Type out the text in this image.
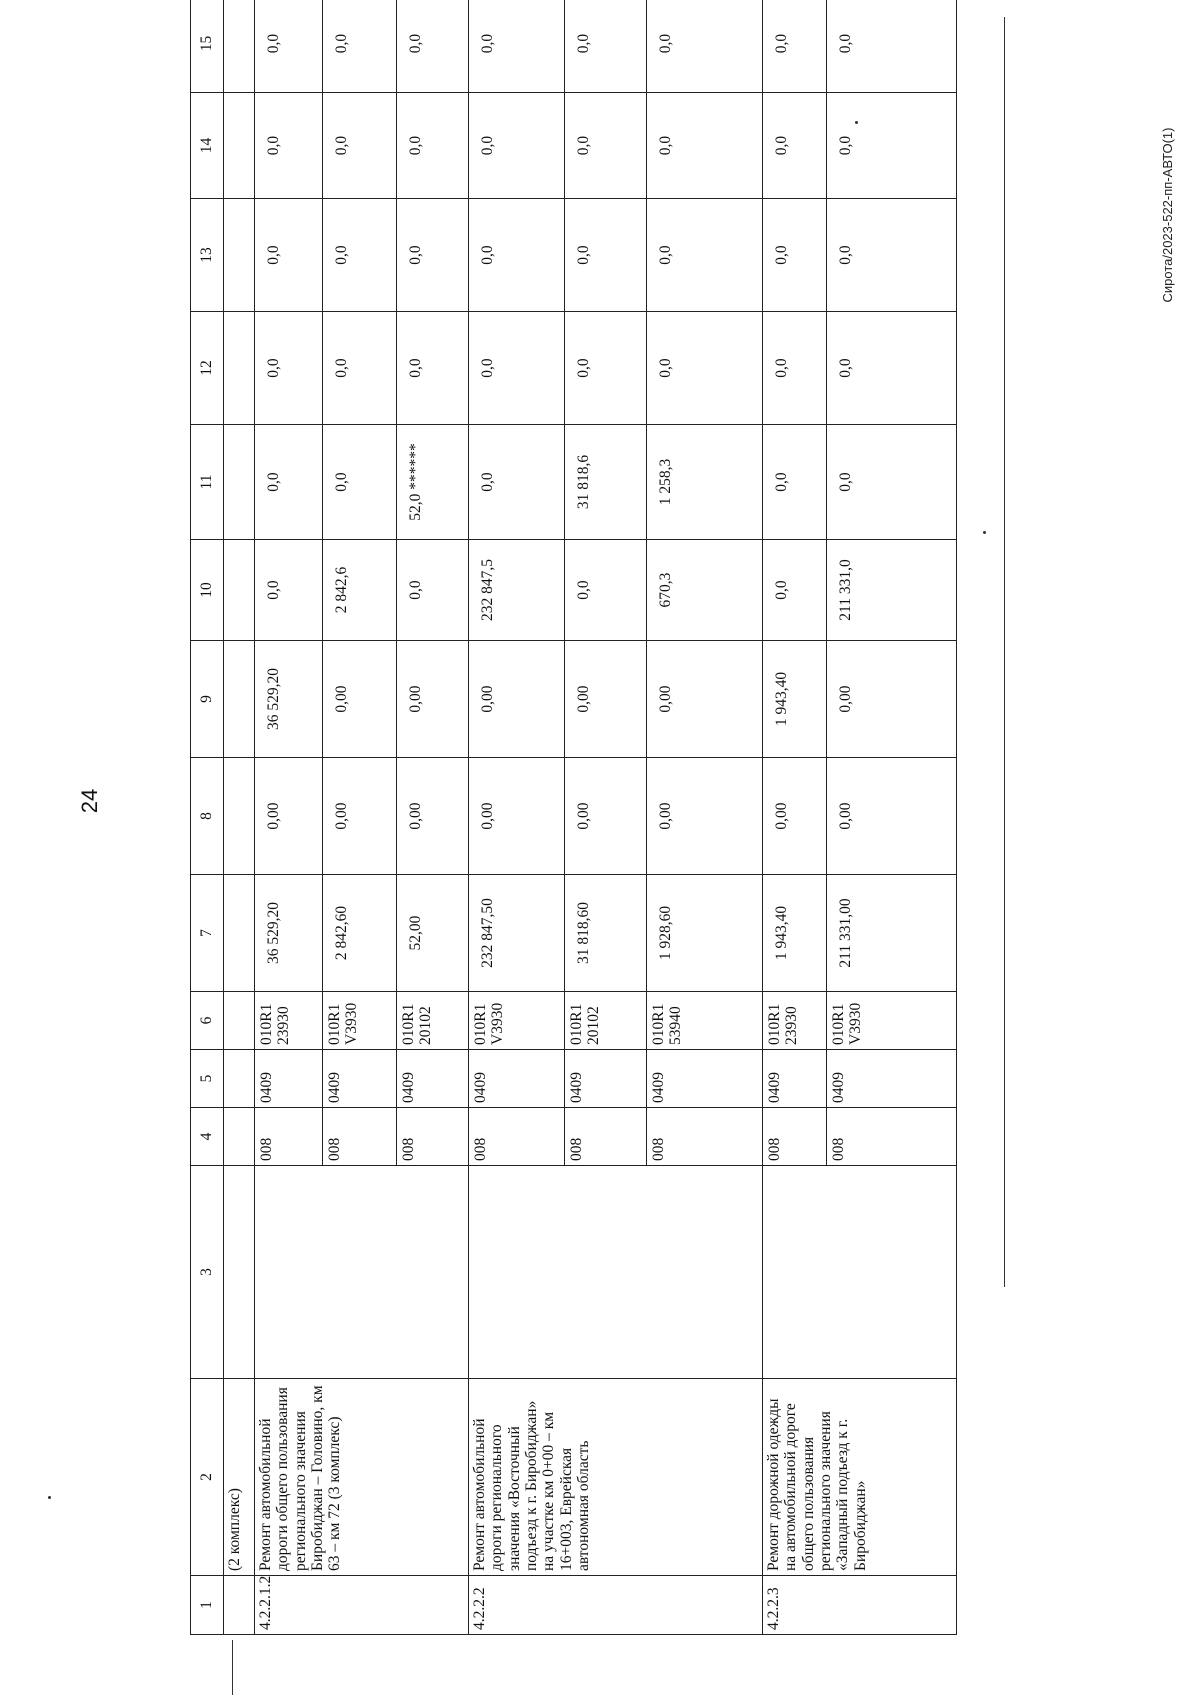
24
Сирота/2023-522-пп-АВТО(1)
1	2	3	4	5	6	7	8	9	10	11	12	13	14	15
	(2 комплекс)													
4.2.2.1.2	Ремонт автомобильной дороги общего пользования регионального значения Биробиджан – Головино, км 63 – км 72 (3 комплекс)		008	0409	010R1 23930	36 529,20	0,00	36 529,20	0,0	0,0	0,0	0,0	0,0	0,0
			008	0409	010R1 V3930	2 842,60	0,00	0,00	2 842,6	0,0	0,0	0,0	0,0	0,0
			008	0409	010R1 20102	52,00	0,00	0,00	0,0	52,0 ******	0,0	0,0	0,0	0,0
4.2.2.2	Ремонт автомобильной дороги регионального значения «Восточный подъезд к г. Биробиджан» на участке км 0+00 – км 16+003, Еврейская автономная область		008	0409	010R1 V3930	232 847,50	0,00	0,00	232 847,5	0,0	0,0	0,0	0,0	0,0
			008	0409	010R1 20102	31 818,60	0,00	0,00	0,0	31 818,6	0,0	0,0	0,0	0,0
			008	0409	010R1 53940	1 928,60	0,00	0,00	670,3	1 258,3	0,0	0,0	0,0	0,0
4.2.2.3	Ремонт дорожной одежды на автомобильной дороге общего пользования регионального значения «Западный подъезд к г. Биробиджан»		008	0409	010R1 23930	1 943,40	0,00	1 943,40	0,0	0,0	0,0	0,0	0,0	0,0
			008	0409	010R1 V3930	211 331,00	0,00	0,00	211 331,0	0,0	0,0	0,0	0,0	0,0
